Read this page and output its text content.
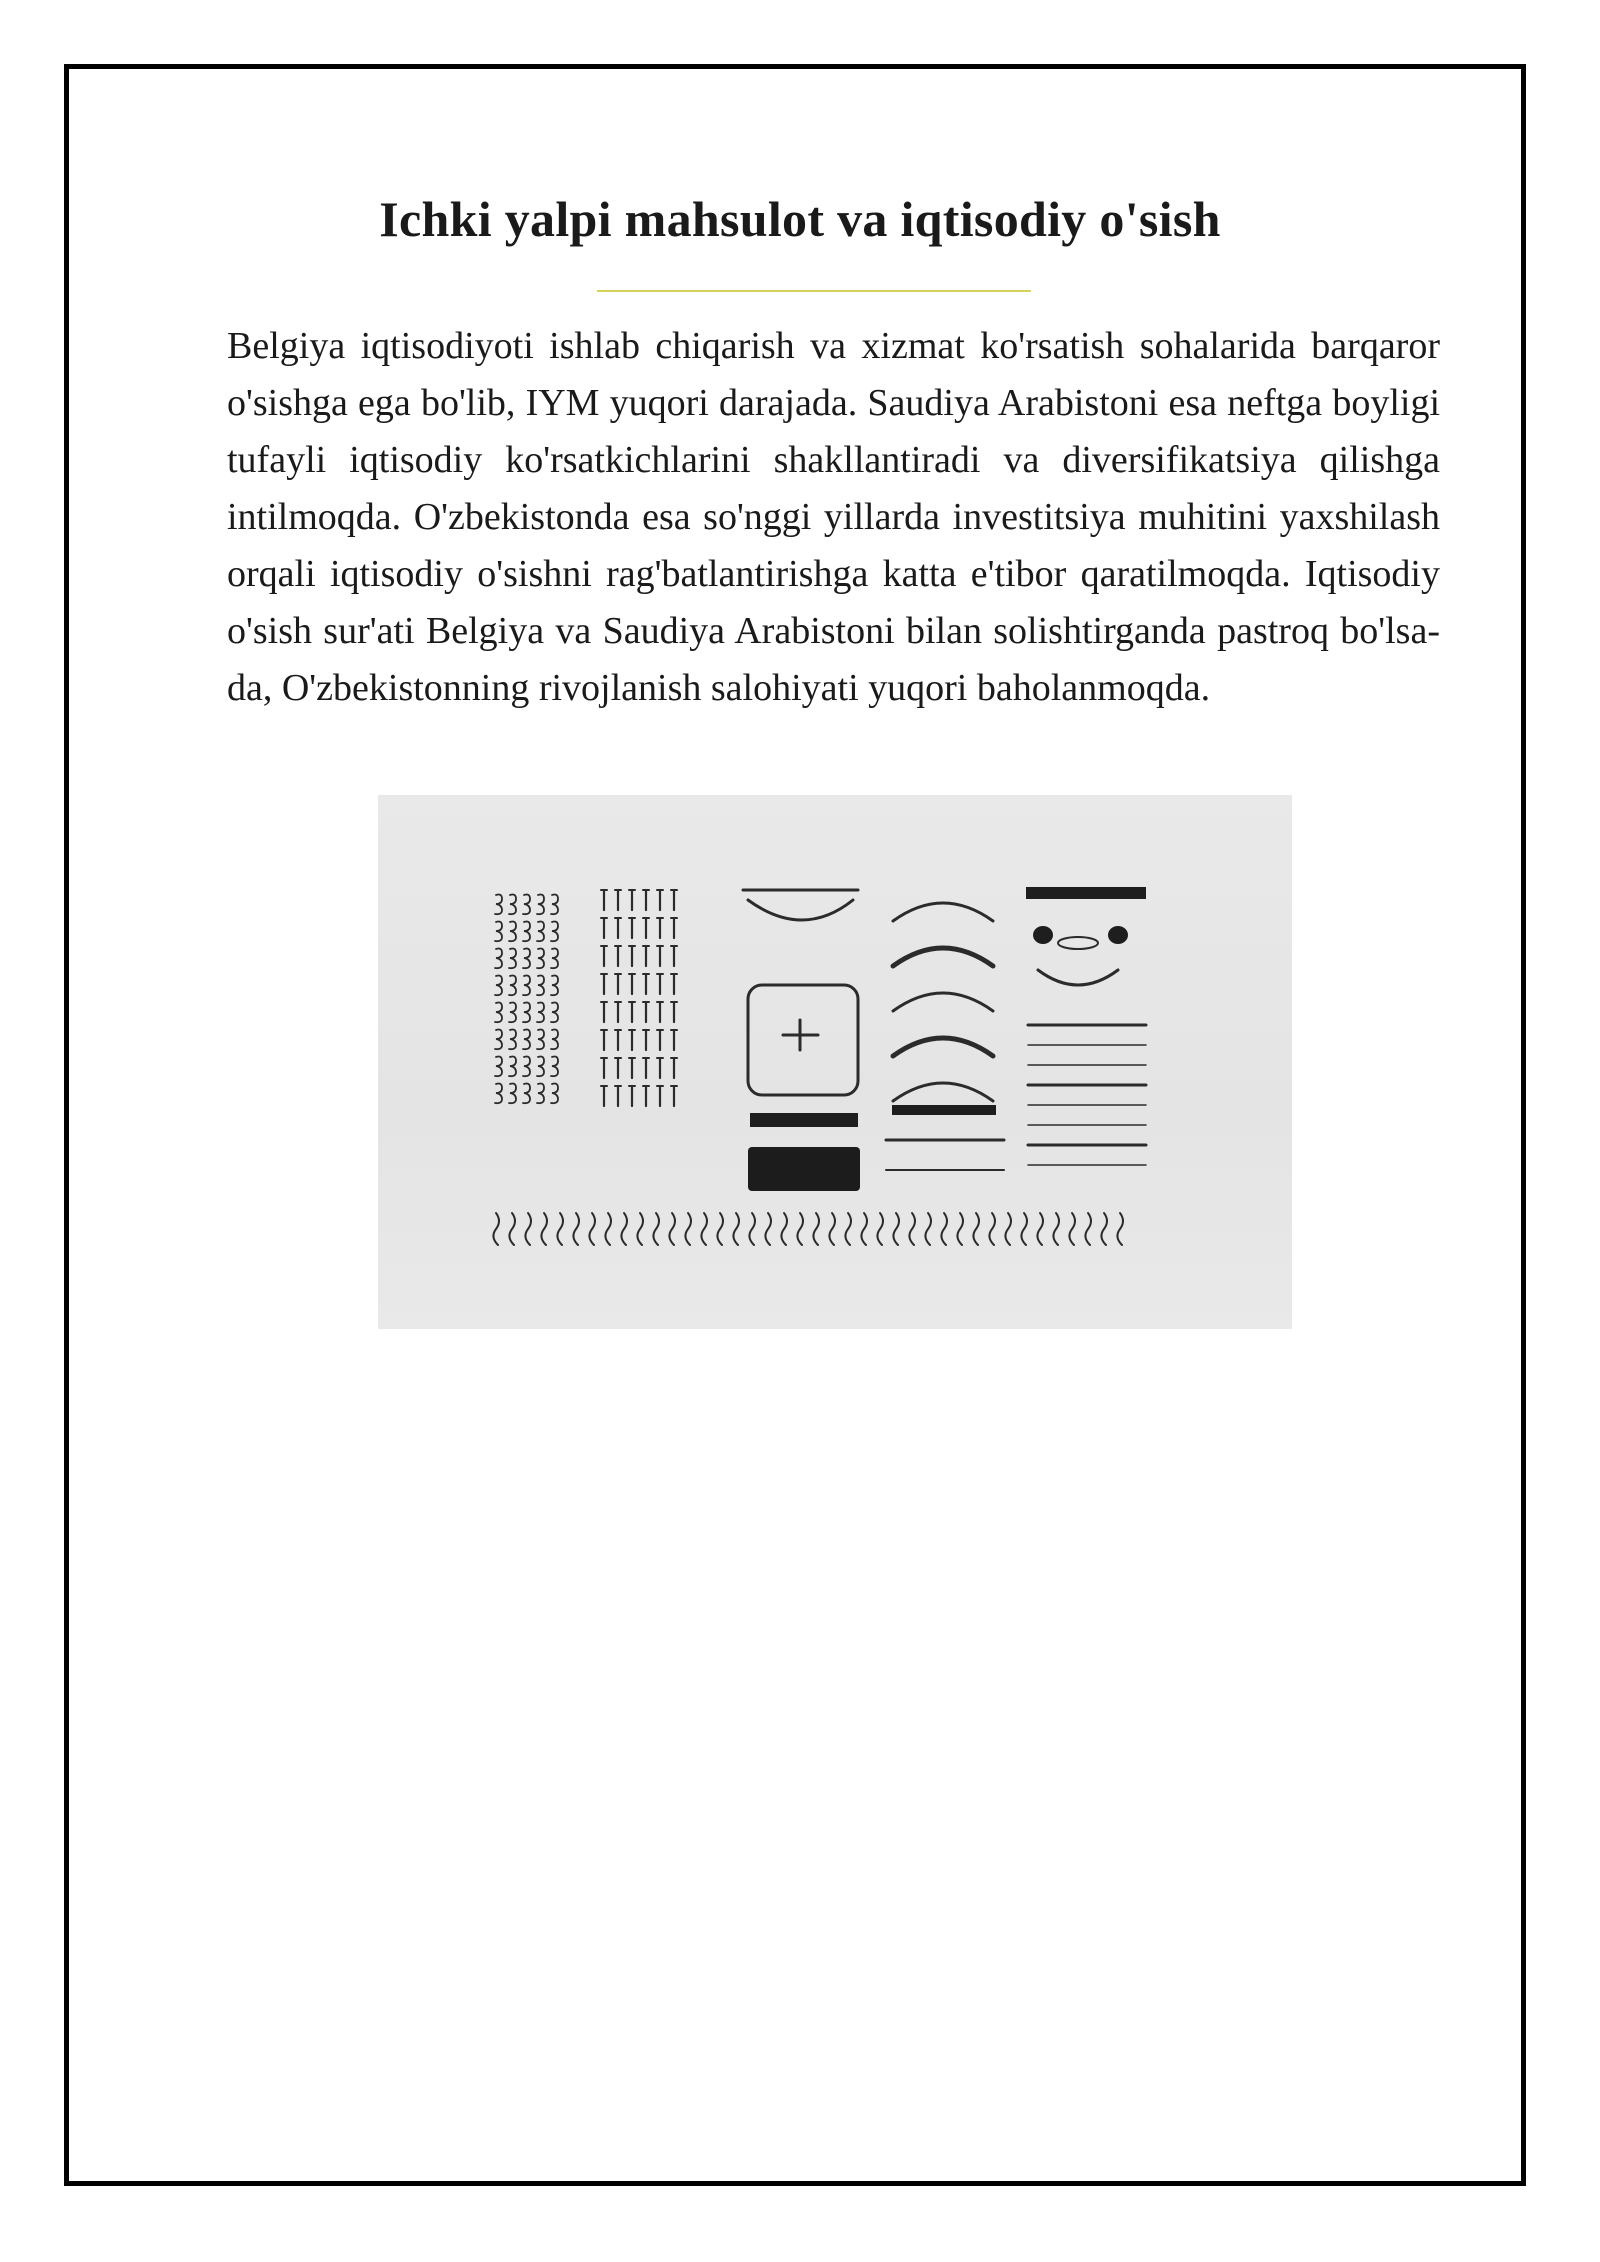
Ichki yalpi mahsulot va iqtisodiy o'sish

Belgiya iqtisodiyoti ishlab chiqarish va xizmat ko'rsatish sohalarida barqaror o'sishga ega bo'lib, IYM yuqori darajada. Saudiya Arabistoni esa neftga boyligi tufayli iqtisodiy ko'rsatkichlarini shakllantiradi va diversifikatsiya qilishga intilmoqda. O'zbekistonda esa so'nggi yillarda investitsiya muhitini yaxshilash orqali iqtisodiy o'sishni rag'batlantirishga katta e'tibor qaratilmoqda. Iqtisodiy o'sish sur'ati Belgiya va Saudiya Arabistoni bilan solishtirganda pastroq bo'lsa-da, O'zbekistonning rivojlanish salohiyati yuqori baholanmoqda.
